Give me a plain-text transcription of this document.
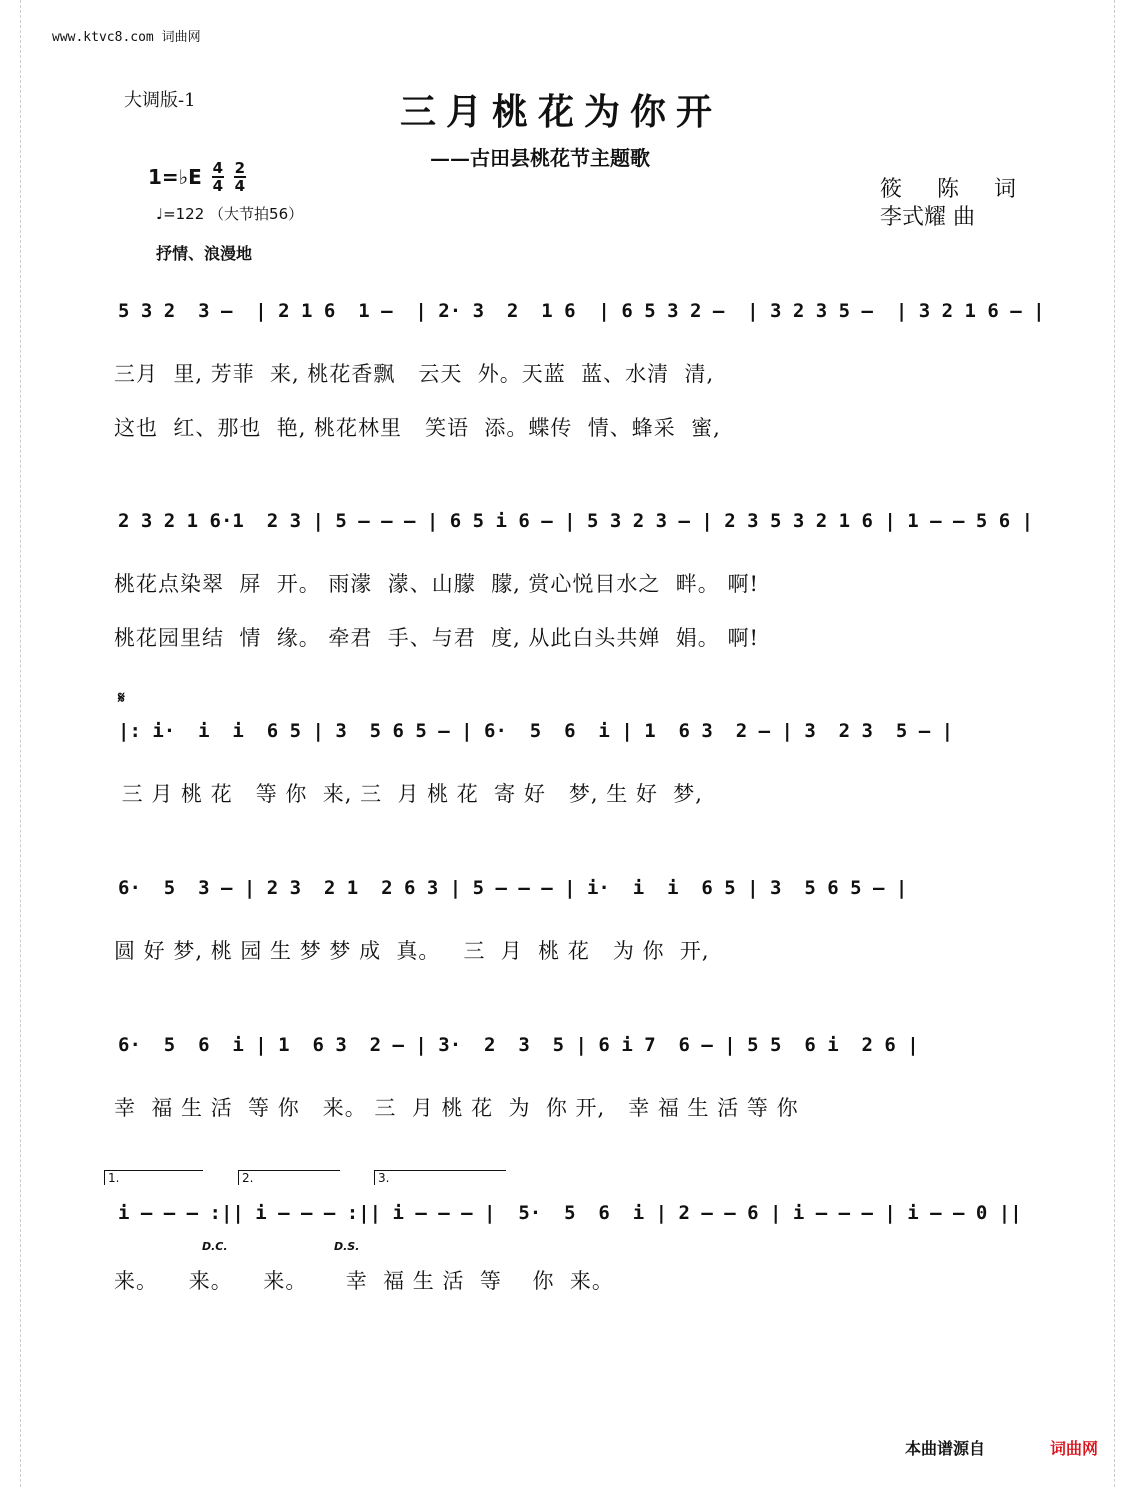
www.ktvc8.com 词曲网
大调版-1	三月桃花为你开
——古田县桃花节主题歌
1=♭E $\frac{4}{4} \frac{2}{4}$
♩=122 （大节拍56）
抒情、浪漫地
筱 陈 词
李式耀 曲
5 3 2  3 –  | 2 1 6  1 –  | 2· 3  2  1 6  | 6 5 3 2 –  | 3 2 3 5 –  | 3 2 1 6 – |
三月  里, 芳菲  来, 桃花香飘   云天  外。天蓝  蓝、水清  清,
这也  红、那也  艳, 桃花林里   笑语  添。蝶传  情、蜂采  蜜,
2 3 2 1 6·1  2 3 | 5 – – – | 6 5 i 6 – | 5 3 2 3 – | 2 3 5 3 2 1 6 | 1 – – 5 6 |
桃花点染翠  屏  开。 雨濛  濛、山朦  朦, 赏心悦目水之  畔。 啊!
桃花园里结  情  缘。 牵君  手、与君  度, 从此白头共婵  娟。 啊!
𝄋
|: i·  i  i  6 5 | 3  5 6 5 – | 6·  5  6  i | 1  6 3  2 – | 3  2 3  5 – |
三 月 桃 花   等 你  来, 三  月 桃 花  寄 好   梦, 生 好  梦,
6·  5  3 – | 2 3  2 1  2 6 3 | 5 – – – | i·  i  i  6 5 | 3  5 6 5 – |
圆 好 梦, 桃 园 生 梦 梦 成  真。   三  月  桃 花   为 你  开,
6·  5  6  i | 1  6 3  2 – | 3·  2  3  5 | 6 i 7  6 – | 5 5  6 i  2 6 |
幸  福 生 活  等 你   来。 三  月 桃 花  为  你 开,   幸 福 生 活 等 你
1.	2.	3.
i – – – :|| i – – – :|| i – – – |  5·  5  6  i | 2 – – 6 | i – – – | i – – 0 ||
D.C.	D.S.
来。    来。    来。     幸  福 生 活  等    你  来。
本曲谱源自	词曲网
